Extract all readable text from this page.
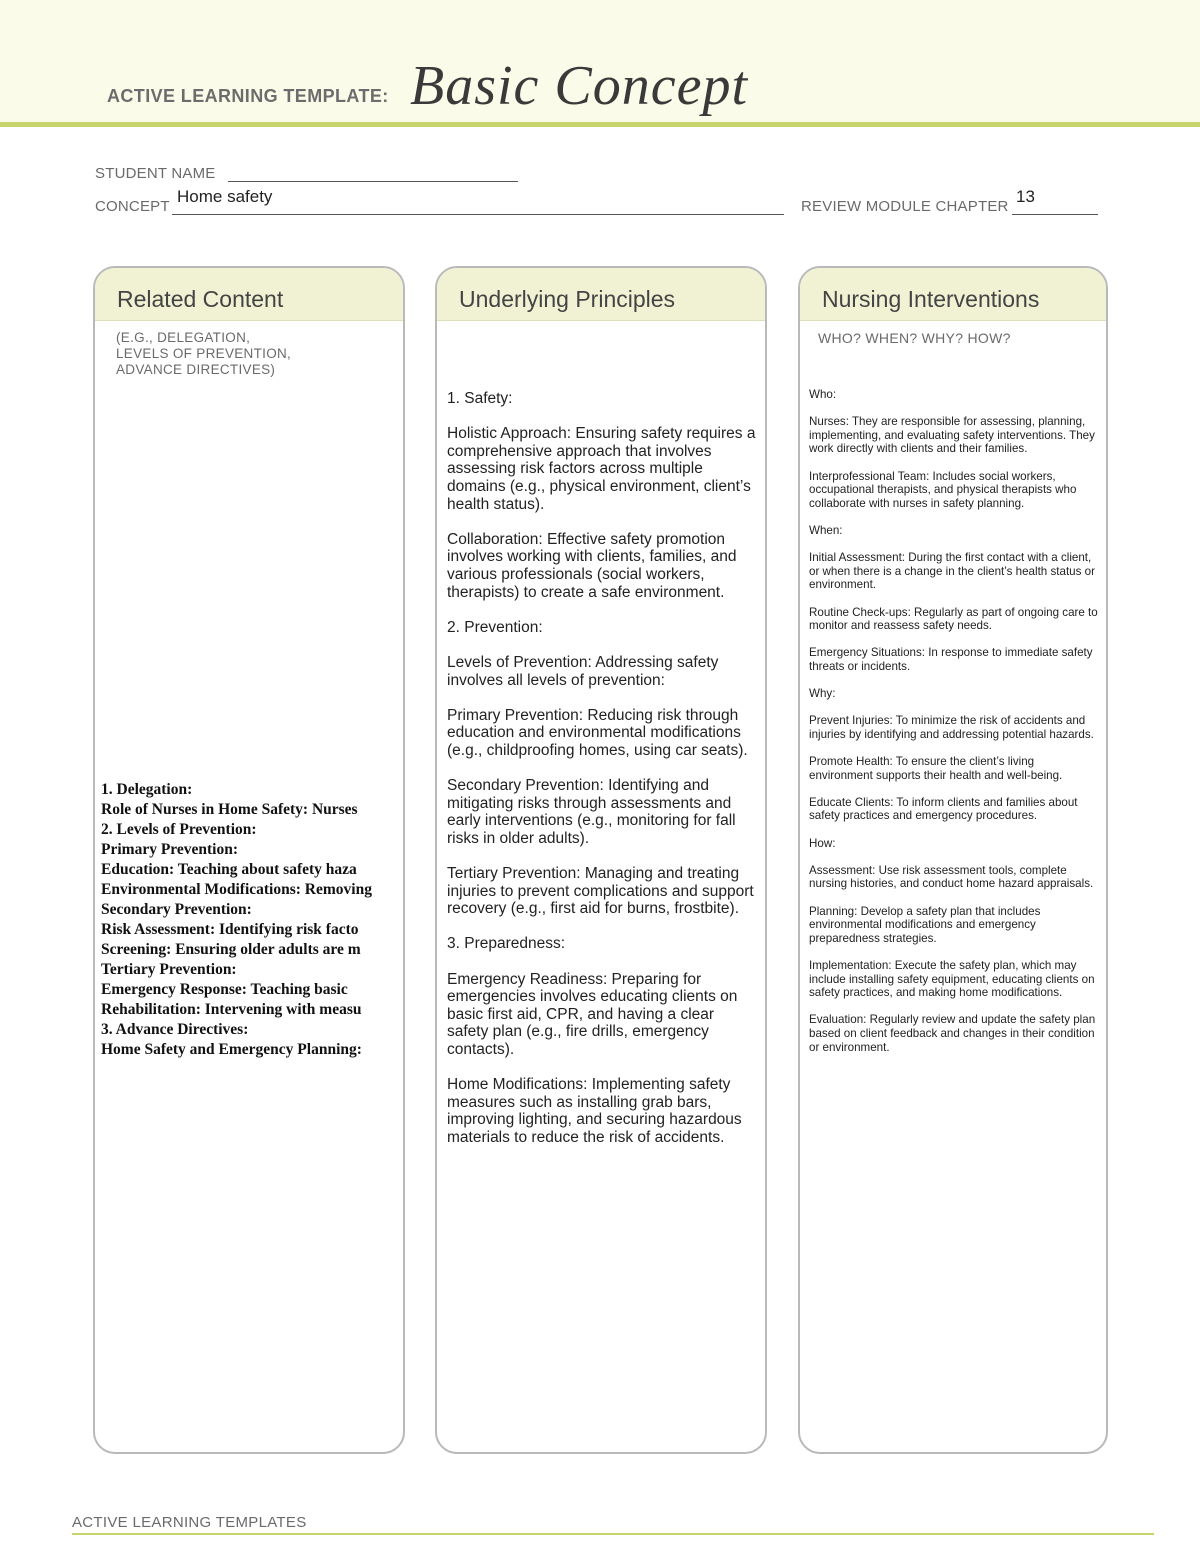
ACTIVE LEARNING TEMPLATE: Basic Concept
STUDENT NAME
CONCEPT
Home safety
REVIEW MODULE CHAPTER
13
Related Content
(E.G., DELEGATION,
LEVELS OF PREVENTION,
ADVANCE DIRECTIVES)
1. Delegation:
Role of Nurses in Home Safety: Nurses
2. Levels of Prevention:
Primary Prevention:
Education: Teaching about safety haza
Environmental Modifications: Removing
Secondary Prevention:
Risk Assessment: Identifying risk facto
Screening: Ensuring older adults are m
Tertiary Prevention:
Emergency Response: Teaching basic
Rehabilitation: Intervening with measu
3. Advance Directives:
Home Safety and Emergency Planning:
Underlying Principles

1. Safety:

Holistic Approach: Ensuring safety requires a comprehensive approach that involves assessing risk factors across multiple domains (e.g., physical environment, client’s health status).

Collaboration: Effective safety promotion involves working with clients, families, and various professionals (social workers, therapists) to create a safe environment.

2. Prevention:

Levels of Prevention: Addressing safety involves all levels of prevention:

Primary Prevention: Reducing risk through education and environmental modifications (e.g., childproofing homes, using car seats).

Secondary Prevention: Identifying and mitigating risks through assessments and early interventions (e.g., monitoring for fall risks in older adults).

Tertiary Prevention: Managing and treating injuries to prevent complications and support recovery (e.g., first aid for burns, frostbite).

3. Preparedness:

Emergency Readiness: Preparing for emergencies involves educating clients on basic first aid, CPR, and having a clear safety plan (e.g., fire drills, emergency contacts).

Home Modifications: Implementing safety measures such as installing grab bars, improving lighting, and securing hazardous materials to reduce the risk of accidents.

Nursing Interventions
WHO? WHEN? WHY? HOW?

Who:

Nurses: They are responsible for assessing, planning, implementing, and evaluating safety interventions. They work directly with clients and their families.

Interprofessional Team: Includes social workers, occupational therapists, and physical therapists who collaborate with nurses in safety planning.

When:

Initial Assessment: During the first contact with a client, or when there is a change in the client’s health status or environment.

Routine Check-ups: Regularly as part of ongoing care to monitor and reassess safety needs.

Emergency Situations: In response to immediate safety threats or incidents.

Why:

Prevent Injuries: To minimize the risk of accidents and injuries by identifying and addressing potential hazards.

Promote Health: To ensure the client’s living environment supports their health and well-being.

Educate Clients: To inform clients and families about safety practices and emergency procedures.

How:

Assessment: Use risk assessment tools, complete nursing histories, and conduct home hazard appraisals.

Planning: Develop a safety plan that includes environmental modifications and emergency preparedness strategies.

Implementation: Execute the safety plan, which may include installing safety equipment, educating clients on safety practices, and making home modifications.

Evaluation: Regularly review and update the safety plan based on client feedback and changes in their condition or environment.

ACTIVE LEARNING TEMPLATES
